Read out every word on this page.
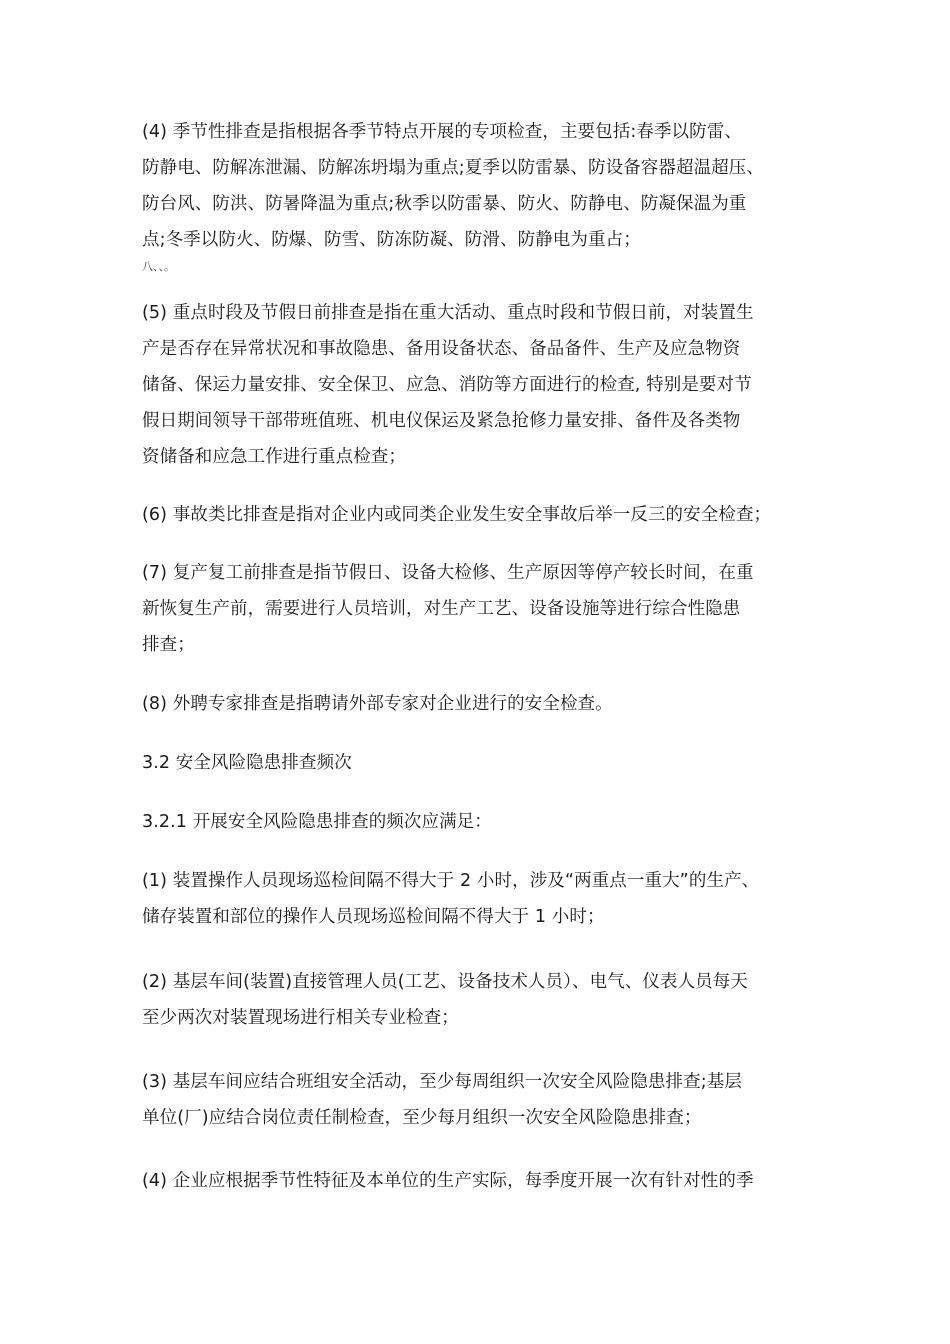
(4) 季节性排查是指根据各季节特点开展的专项检查，主要包括:春季以防雷、
防静电、防解冻泄漏、防解冻坍塌为重点;夏季以防雷暴、防设备容器超温超压、
防台风、防洪、防暑降温为重点;秋季以防雷暴、防火、防静电、防凝保温为重
点;冬季以防火、防爆、防雪、防冻防凝、防滑、防静电为重占；
八、、。

(5) 重点时段及节假日前排查是指在重大活动、重点时段和节假日前，对装置生
产是否存在异常状况和事故隐患、备用设备状态、备品备件、生产及应急物资
储备、保运力量安排、安全保卫、应急、消防等方面进行的检查, 特别是要对节
假日期间领导干部带班值班、机电仪保运及紧急抢修力量安排、备件及各类物
资储备和应急工作进行重点检查；

(6) 事故类比排查是指对企业内或同类企业发生安全事故后举一反三的安全检查；

(7) 复产复工前排查是指节假日、设备大检修、生产原因等停产较长时间，在重
新恢复生产前，需要进行人员培训，对生产工艺、设备设施等进行综合性隐患
排查；

(8) 外聘专家排查是指聘请外部专家对企业进行的安全检查。

3.2 安全风险隐患排查频次

3.2.1 开展安全风险隐患排查的频次应满足：

(1) 装置操作人员现场巡检间隔不得大于 2 小时，涉及“两重点一重大”的生产、
储存装置和部位的操作人员现场巡检间隔不得大于 1 小时；

(2) 基层车间(装置)直接管理人员(工艺、设备技术人员）、电气、仪表人员每天
至少两次对装置现场进行相关专业检查；

(3) 基层车间应结合班组安全活动，至少每周组织一次安全风险隐患排查;基层
单位(厂)应结合岗位责任制检查，至少每月组织一次安全风险隐患排查；

(4) 企业应根据季节性特征及本单位的生产实际，每季度开展一次有针对性的季
